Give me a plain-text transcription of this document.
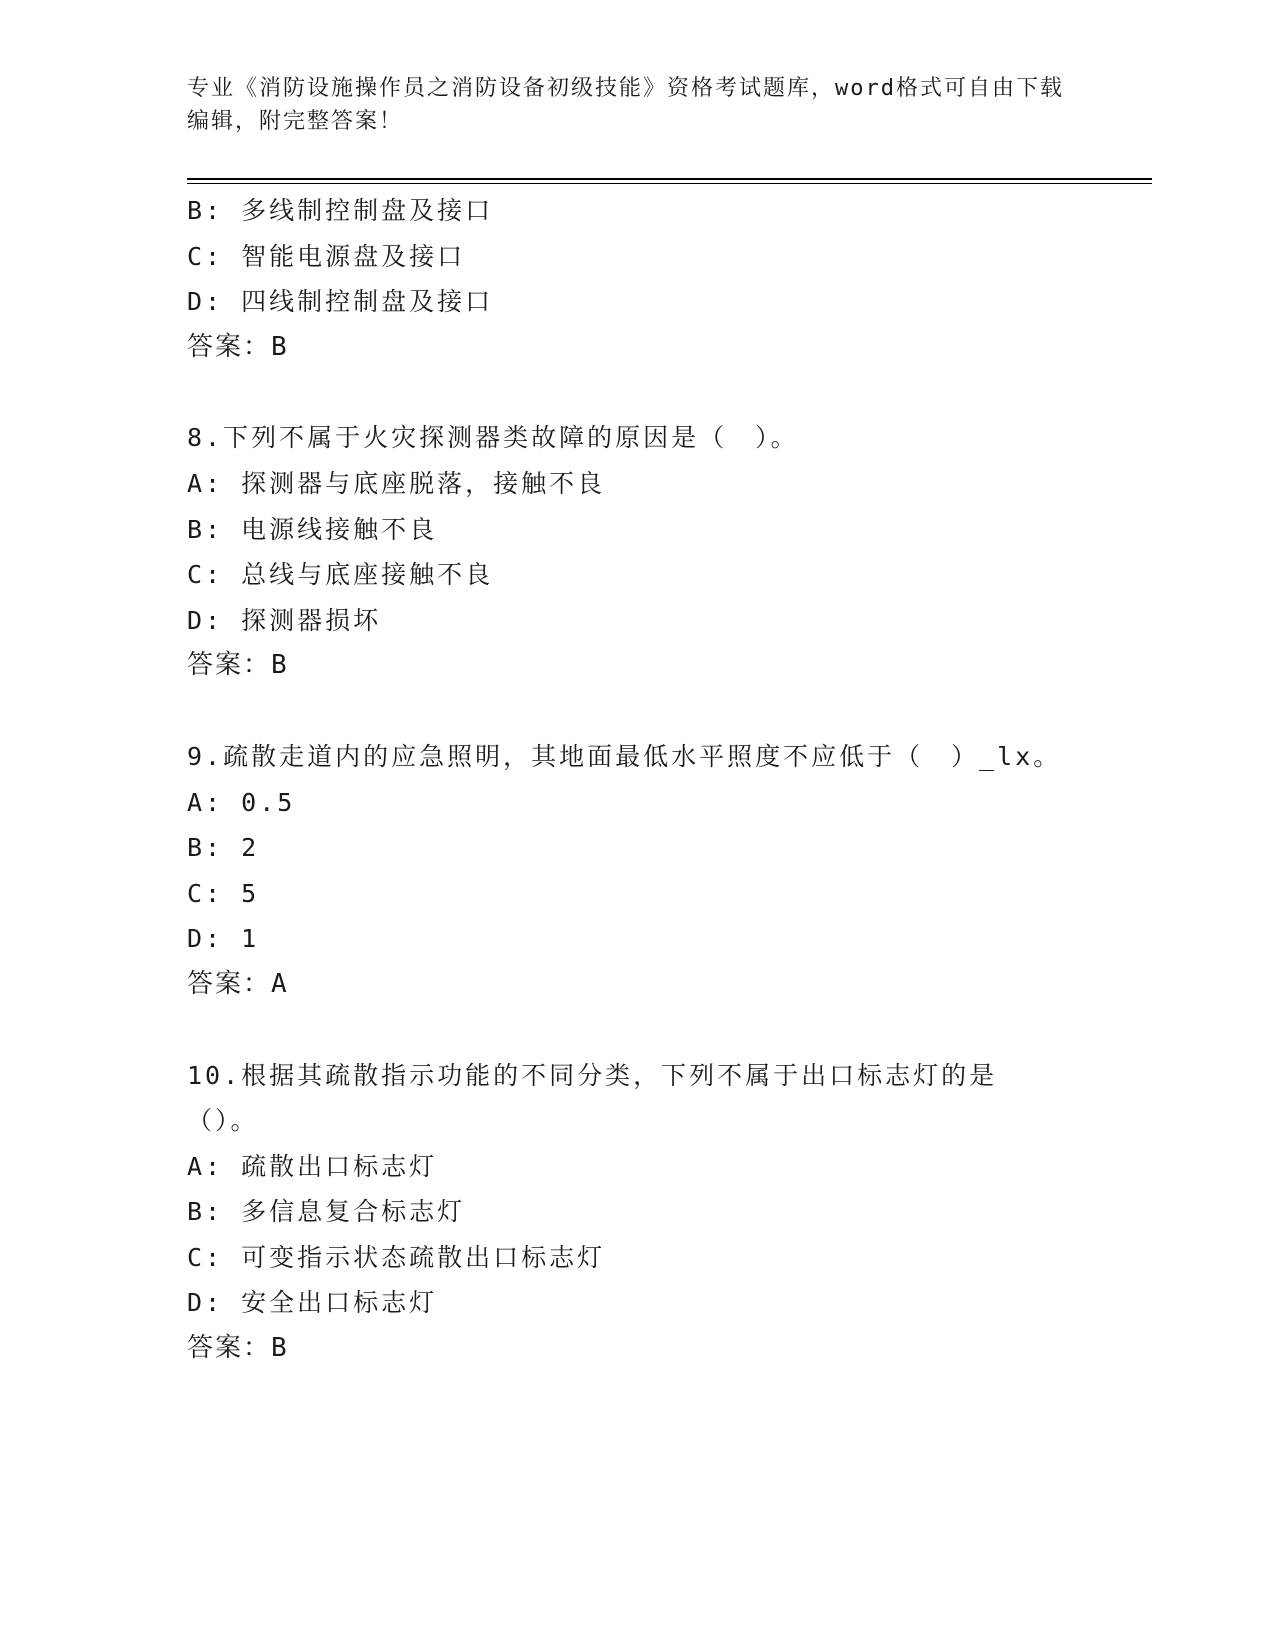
专业《消防设施操作员之消防设备初级技能》资格考试题库，word格式可自由下载编辑，附完整答案！

B: 多线制控制盘及接口

C: 智能电源盘及接口

D: 四线制控制盘及接口

答案：B

8.下列不属于火灾探测器类故障的原因是（　）。

A: 探测器与底座脱落，接触不良

B: 电源线接触不良

C: 总线与底座接触不良

D: 探测器损坏

答案：B

9.疏散走道内的应急照明，其地面最低水平照度不应低于（　）_lx。

A: 0.5

B: 2

C: 5

D: 1

答案：A

10.根据其疏散指示功能的不同分类，下列不属于出口标志灯的是（）。

A: 疏散出口标志灯

B: 多信息复合标志灯

C: 可变指示状态疏散出口标志灯

D: 安全出口标志灯

答案：B
